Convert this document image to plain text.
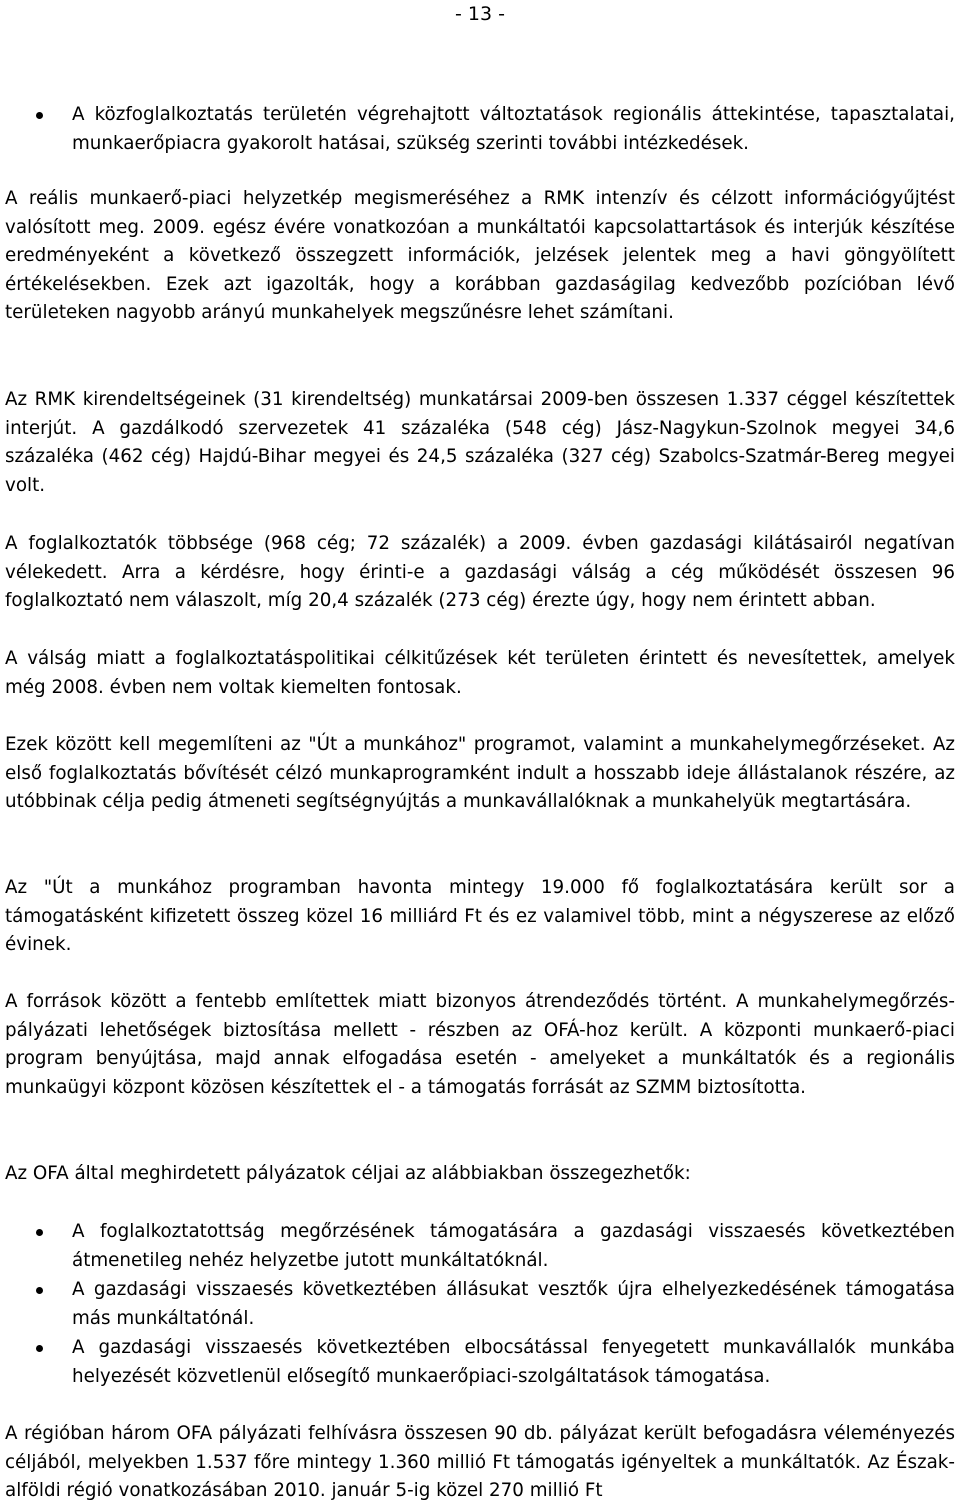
- 13 -
A közfoglalkoztatás területén végrehajtott változtatások regionális áttekintése, tapasztalatai, munkaerőpiacra gyakorolt hatásai, szükség szerinti további intézkedések.
A reális munkaerő-piaci helyzetkép megismeréséhez a RMK intenzív és célzott információgyűjtést valósított meg. 2009. egész évére vonatkozóan a munkáltatói kapcsolattartások és interjúk készítése eredményeként a következő összegzett információk, jelzések jelentek meg a havi göngyölített értékelésekben. Ezek azt igazolták, hogy a korábban gazdaságilag kedvezőbb pozícióban lévő területeken nagyobb arányú munkahelyek megszűnésre lehet számítani.
Az RMK kirendeltségeinek (31 kirendeltség) munkatársai 2009-ben összesen 1.337 céggel készítettek interjút. A gazdálkodó szervezetek 41 százaléka (548 cég) Jász-Nagykun-Szolnok megyei 34,6 százaléka (462 cég) Hajdú-Bihar megyei és 24,5 százaléka (327 cég) Szabolcs-Szatmár-Bereg megyei volt.
A foglalkoztatók többsége (968 cég; 72 százalék) a 2009. évben gazdasági kilátásairól negatívan vélekedett. Arra a kérdésre, hogy érinti-e a gazdasági válság a cég működését összesen 96 foglalkoztató nem válaszolt, míg 20,4 százalék (273 cég) érezte úgy, hogy nem érintett abban.
A válság miatt a foglalkoztatáspolitikai célkitűzések két területen érintett és nevesítettek, amelyek még 2008. évben nem voltak kiemelten fontosak.
Ezek között kell megemlíteni az "Út a munkához" programot, valamint a munkahelymegőrzéseket. Az első foglalkoztatás bővítését célzó munkaprogramként indult a hosszabb ideje állástalanok részére, az utóbbinak célja pedig átmeneti segítségnyújtás a munkavállalóknak a munkahelyük megtartására.
Az "Út a munkához programban havonta mintegy 19.000 fő foglalkoztatására került sor a támogatásként kifizetett összeg közel 16 milliárd Ft és ez valamivel több, mint a négyszerese az előző évinek.
A források között a fentebb említettek miatt bizonyos átrendeződés történt. A munkahelymegőrzés- pályázati lehetőségek biztosítása mellett - részben az OFÁ-hoz került. A központi munkaerő-piaci program benyújtása, majd annak elfogadása esetén - amelyeket a munkáltatók és a regionális munkaügyi központ közösen készítettek el - a támogatás forrását az SZMM biztosította.
Az OFA által meghirdetett pályázatok céljai az alábbiakban összegezhetők:
A foglalkoztatottság megőrzésének támogatására a gazdasági visszaesés következtében átmenetileg nehéz helyzetbe jutott munkáltatóknál.
A gazdasági visszaesés következtében állásukat vesztők újra elhelyezkedésének támogatása más munkáltatónál.
A gazdasági visszaesés következtében elbocsátással fenyegetett munkavállalók munkába helyezését közvetlenül elősegítő munkaerőpiaci-szolgáltatások támogatása.
A régióban három OFA pályázati felhívásra összesen 90 db. pályázat került befogadásra véleményezés céljából, melyekben 1.537 főre mintegy 1.360 millió Ft támogatás igényeltek a munkáltatók. Az Észak-alföldi régió vonatkozásában 2010. január 5-ig közel 270 millió Ft
